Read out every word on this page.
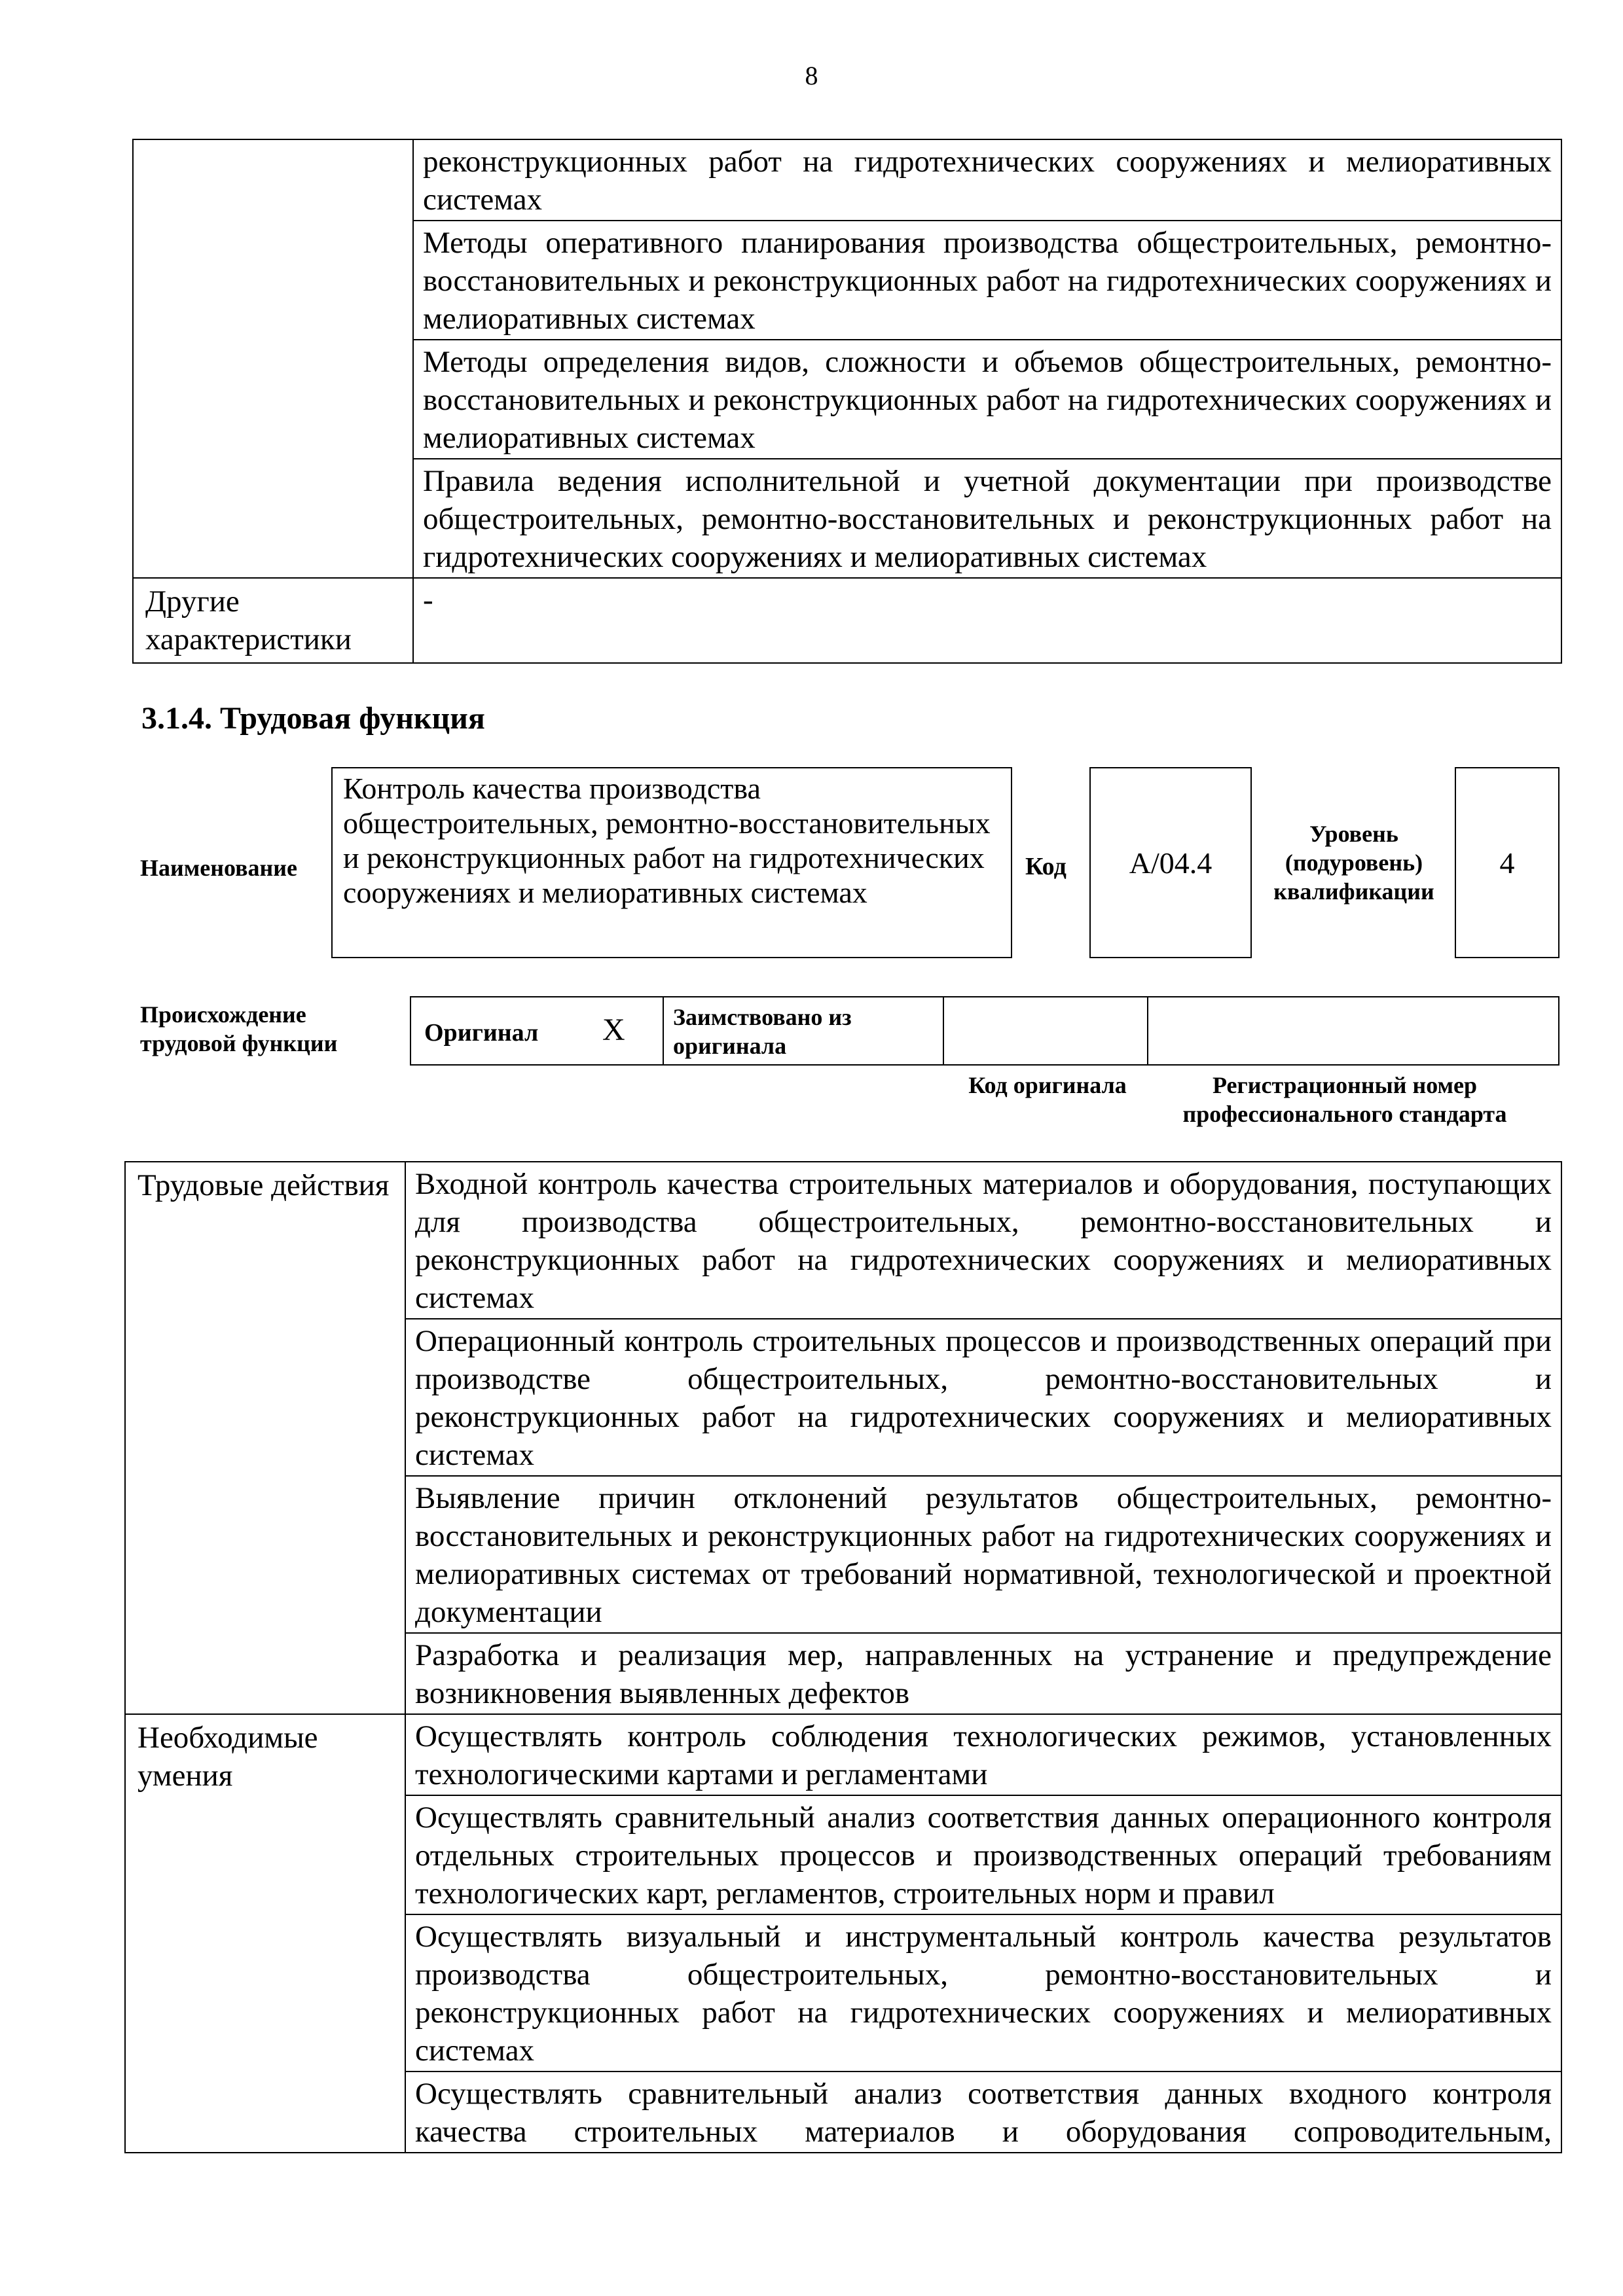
8
	реконструкционных работ на гидротехнических сооружениях и мелиоративных системах
	Методы оперативного планирования производства общестроительных, ремонтно-восстановительных и реконструкционных работ на гидротехнических сооружениях и мелиоративных системах
	Методы определения видов, сложности и объемов общестроительных, ремонтно-восстановительных и реконструкционных работ на гидротехнических сооружениях и мелиоративных системах
	Правила ведения исполнительной и учетной документации при производстве общестроительных, ремонтно-восстановительных и реконструкционных работ на гидротехнических сооружениях и мелиоративных системах
Другие характеристики	-
3.1.4. Трудовая функция
Наименование
Контроль качества производства общестроительных, ремонтно-восстановительных и реконструкционных работ на гидротехнических сооружениях и мелиоративных системах
Код	A/04.4
Уровень (подуровень) квалификации
4
Происхождение трудовой функции	Оригинал X Заимствовано из оригинала
Код оригинала	Регистрационный номер профессионального стандарта
Трудовые действия	Входной контроль качества строительных материалов и оборудования, поступающих для производства общестроительных, ремонтно-восстановительных и реконструкционных работ на гидротехнических сооружениях и мелиоративных системах
	Операционный контроль строительных процессов и производственных операций при производстве общестроительных, ремонтно-восстановительных и реконструкционных работ на гидротехнических сооружениях и мелиоративных системах
	Выявление причин отклонений результатов общестроительных, ремонтно-восстановительных и реконструкционных работ на гидротехнических сооружениях и мелиоративных системах от требований нормативной, технологической и проектной документации
	Разработка и реализация мер, направленных на устранение и предупреждение возникновения выявленных дефектов
Необходимые умения	Осуществлять контроль соблюдения технологических режимов, установленных технологическими картами и регламентами
	Осуществлять сравнительный анализ соответствия данных операционного контроля отдельных строительных процессов и производственных операций требованиям технологических карт, регламентов, строительных норм и правил
	Осуществлять визуальный и инструментальный контроль качества результатов производства общестроительных, ремонтно-восстановительных и реконструкционных работ на гидротехнических сооружениях и мелиоративных системах
	Осуществлять сравнительный анализ соответствия данных входного контроля качества строительных материалов и оборудования сопроводительным,
